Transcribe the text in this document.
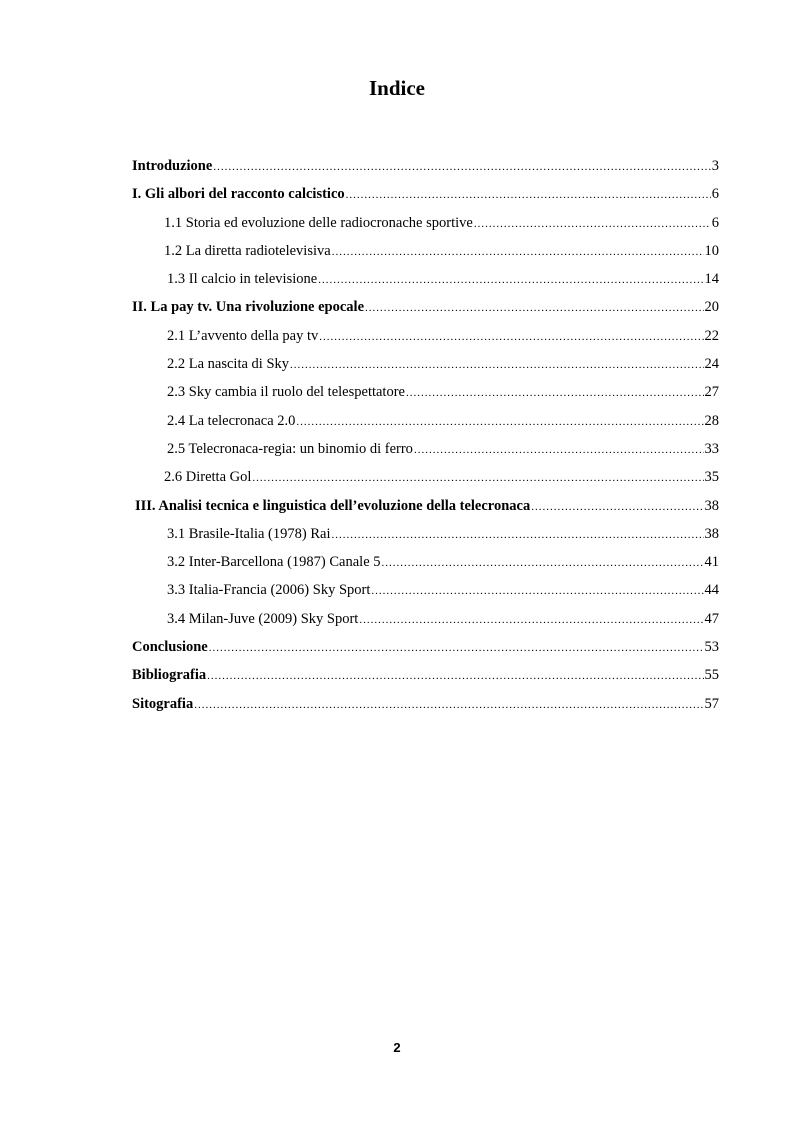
Indice
Introduzione .....	3
I. Gli albori del racconto calcistico .....	6
1.1 Storia ed evoluzione delle radiocronache sportive .....	6
1.2 La diretta radiotelevisiva .....	10
1.3 Il calcio in televisione .....	14
II. La pay tv. Una rivoluzione epocale .....	20
2.1 L’avvento della pay tv .....	22
2.2 La nascita di Sky .....	24
2.3 Sky cambia il ruolo del telespettatore .....	27
2.4 La telecronaca 2.0 .....	28
2.5 Telecronaca-regia: un binomio di ferro .....	33
2.6 Diretta Gol .....	35
III. Analisi tecnica e linguistica dell’evoluzione della telecronaca .....	38
3.1 Brasile-Italia (1978) Rai .....	38
3.2 Inter-Barcellona (1987) Canale 5 .....	41
3.3 Italia-Francia (2006) Sky Sport .....	44
3.4 Milan-Juve (2009) Sky Sport .....	47
Conclusione .....	53
Bibliografia .....	55
Sitografia .....	57

2
